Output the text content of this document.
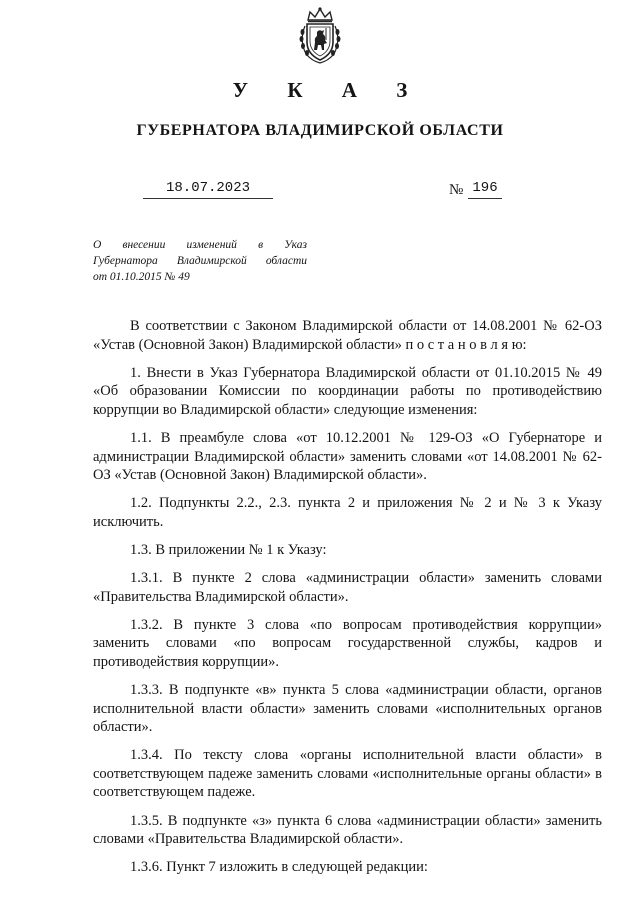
У К А З
ГУБЕРНАТОРА ВЛАДИМИРСКОЙ ОБЛАСТИ
18.07.2023	№ 196
О внесении изменений в Указ
Губернатора Владимирской области
от 01.10.2015 № 49

В соответствии с Законом Владимирской области от 14.08.2001 № 62-ОЗ «Устав (Основной Закон) Владимирской области» п о с т а н о в л я ю:

1. Внести в Указ Губернатора Владимирской области от 01.10.2015 № 49 «Об образовании Комиссии по координации работы по противодействию коррупции во Владимирской области» следующие изменения:

1.1. В преамбуле слова «от 10.12.2001 № 129-ОЗ «О Губернаторе и администрации Владимирской области» заменить словами «от 14.08.2001 № 62-ОЗ «Устав (Основной Закон) Владимирской области».

1.2. Подпункты 2.2., 2.3. пункта 2 и приложения № 2 и № 3 к Указу исключить.

1.3. В приложении № 1 к Указу:

1.3.1. В пункте 2 слова «администрации области» заменить словами «Правительства Владимирской области».

1.3.2. В пункте 3 слова «по вопросам противодействия коррупции» заменить словами «по вопросам государственной службы, кадров и противодействия коррупции».

1.3.3. В подпункте «в» пункта 5 слова «администрации области, органов исполнительной власти области» заменить словами «исполнительных органов области».

1.3.4. По тексту слова «органы исполнительной власти области» в соответствующем падеже заменить словами «исполнительные органы области» в соответствующем падеже.

1.3.5. В подпункте «з» пункта 6 слова «администрации области» заменить словами «Правительства Владимирской области».

1.3.6. Пункт 7 изложить в следующей редакции:
